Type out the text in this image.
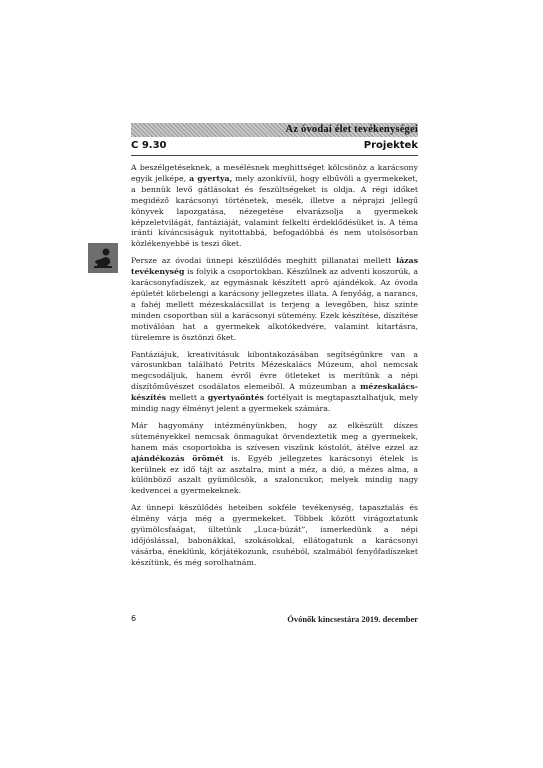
Az óvodai élet tevékenységei
C 9.30	Projektek

A beszélgetéseknek, a mesélésnek meghittséget kölcsönöz a karácsony egyik jelképe, a gyertya, mely azonkívül, hogy elbűvöli a gyermekeket, a bennük levő gátlásokat és feszültségeket is oldja. A régi időket megidéző karácsonyi történetek, mesék, illetve a néprajzi jellegű könyvek lapozgatása, nézegetése elvarázsolja a gyermekek képzeletvilágát, fantáziáját, valamint felkelti érdeklődésüket is. A téma iránti kíváncsiságuk nyitottabbá, befogadóbbá és nem utolsósorban közlékenyebbé is teszi őket.

Persze az óvodai ünnepi készülődés meghitt pillanatai mellett lázas tevékenység is folyik a csoportokban. Készülnek az adventi koszorúk, a karácsonyfadíszek, az egymásnak készített apró ajándékok. Az óvoda épületét körbelengi a karácsony jellegzetes illata. A fenyőág, a narancs, a fahéj mellett mézeskalácsillat is terjeng a levegőben, hisz szinte minden csoportban sül a karácsonyi sütemény. Ezek készítése, díszítése motiválóan hat a gyermekek alkotókedvére, valamint kitartásra, türelemre is ösztönzi őket.

Fantáziájuk, kreativitásuk kibontakozásában segítségünkre van a városunkban található Petrits Mézeskalács Múzeum, ahol nemcsak megcsodáljuk, hanem évről évre ötleteket is merítünk a népi díszítőművészet csodálatos elemeiből. A múzeumban a mézeskalács-készítés mellett a gyertyaöntés fortélyait is megtapasztalhatjuk, mely mindig nagy élményt jelent a gyermekek számára.

Már hagyomány intézményünkben, hogy az elkészült díszes süteményekkel nemcsak önmagukat örvendeztetik meg a gyermekek, hanem más csoportokba is szívesen viszünk kóstolót, átélve ezzel az ajándékozás örömét is. Egyéb jellegzetes karácsonyi ételek is kerülnek ez idő tájt az asztalra, mint a méz, a dió, a mézes alma, a különböző aszalt gyümölcsök, a szaloncukor, melyek mindig nagy kedvencei a gyermekeknek.

Az ünnepi készülődés heteiben sokféle tevékenység, tapasztalás és élmény várja még a gyermekeket. Többek között virágoztatunk gyümölcsfaágat, ültetünk „Luca-búzát”, ismerkedünk a népi időjóslással, babonákkal, szokásokkal, ellátogatunk a karácsonyi vásárba, éneklünk, körjátékozunk, csuhéból, szalmából fenyőfadíszeket készítünk, és még sorolhatnám.

6	Óvónők kincsestára 2019. december
